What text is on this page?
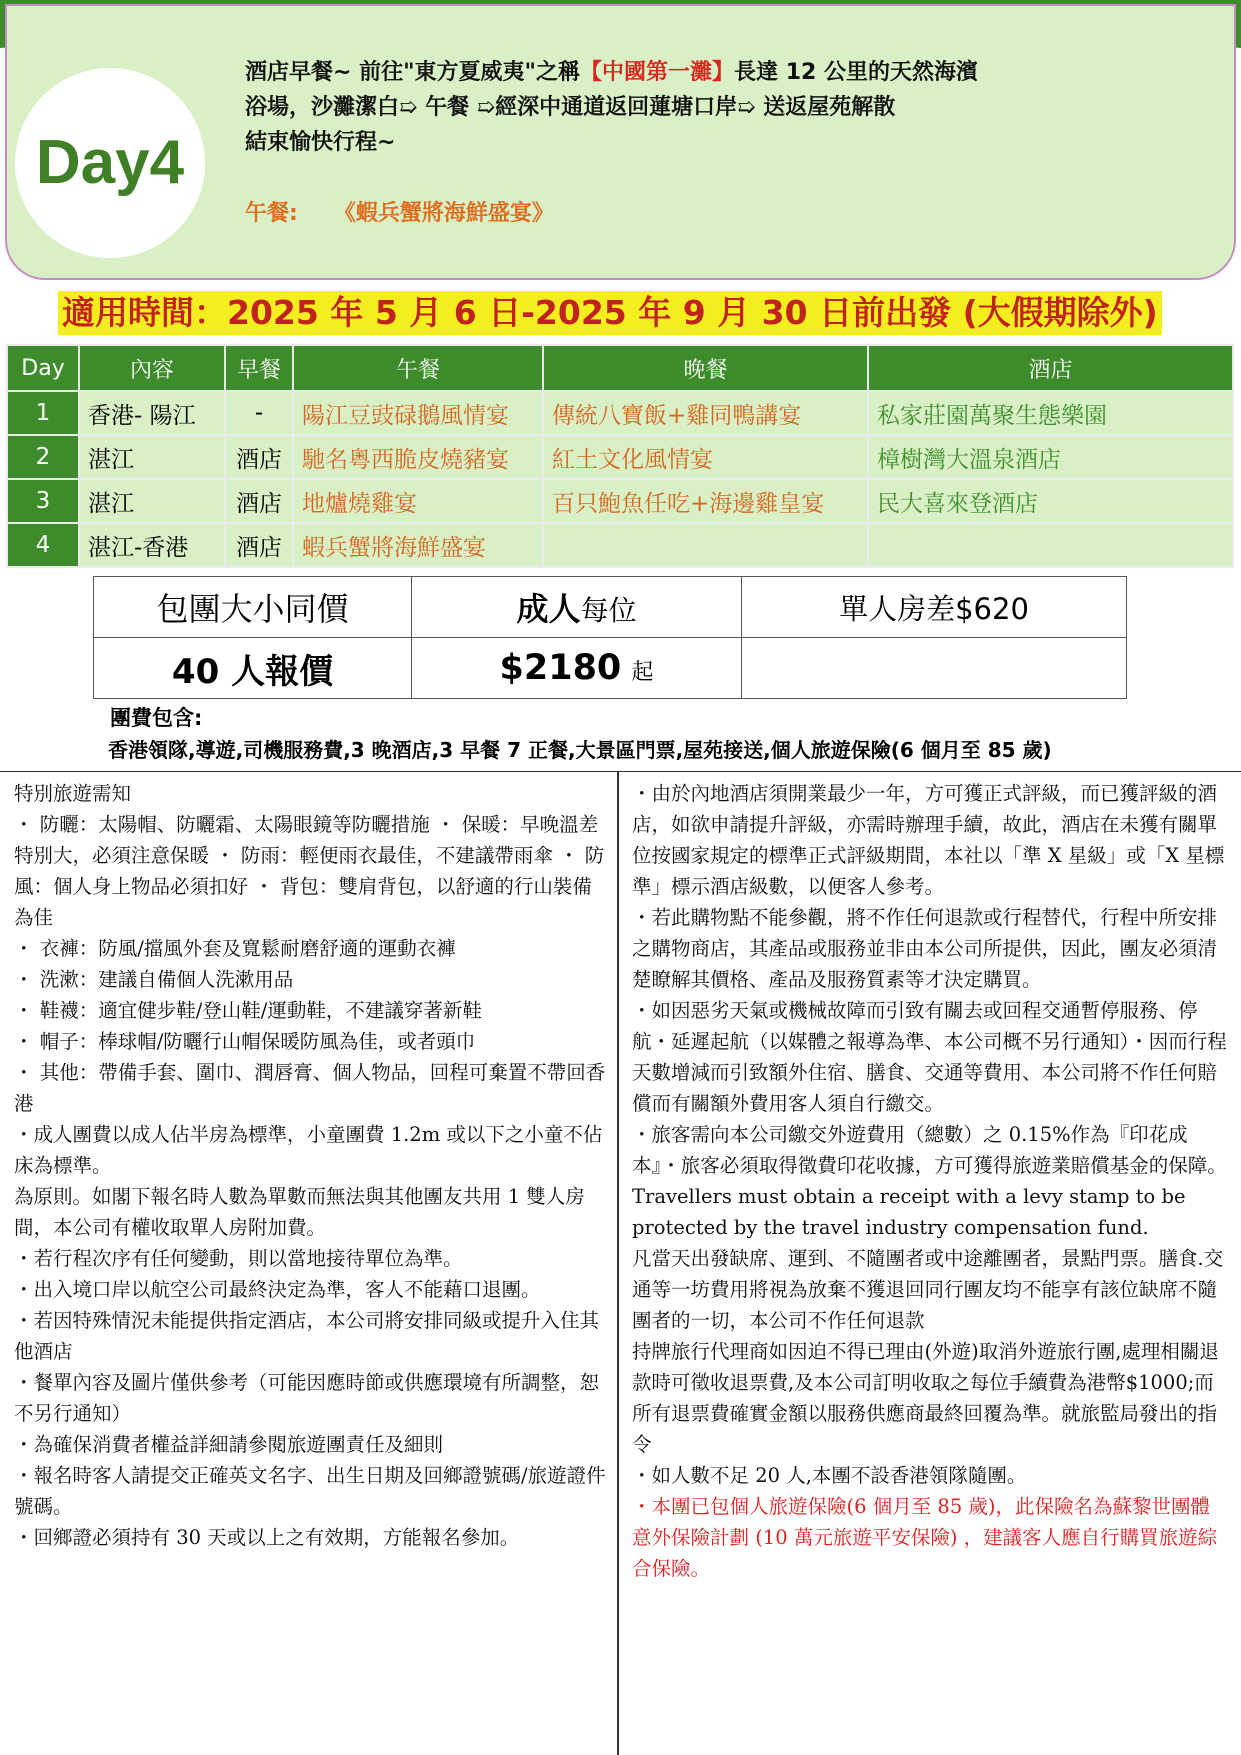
Day4
酒店早餐~ 前往"東方夏威夷"之稱【中國第一灘】長達 12 公里的天然海濱
浴場，沙灘潔白➯ 午餐 ➯經深中通道返回蓮塘口岸➯ 送返屋苑解散
結束愉快行程~
午餐: 《蝦兵蟹將海鮮盛宴》
適用時間：2025 年 5 月 6 日-2025 年 9 月 30 日前出發 (大假期除外)
Day	內容	早餐	午餐	晚餐	酒店
1	香港- 陽江	-	陽江豆豉碌鵝風情宴	傳統八寶飯+雞同鴨講宴	私家莊園萬聚生態樂園
2	湛江	酒店	馳名粵西脆皮燒豬宴	紅土文化風情宴	樟樹灣大溫泉酒店
3	湛江	酒店	地爐燒雞宴	百只鮑魚任吃+海邊雞皇宴	民大喜來登酒店
4	湛江-香港	酒店	蝦兵蟹將海鮮盛宴		
包團大小同價	成人每位	單人房差$620
40 人報價	$2180 起	
團費包含:
香港領隊,導遊,司機服務費,3 晚酒店,3 早餐 7 正餐,大景區門票,屋苑接送,個人旅遊保險(6 個月至 85 歲)

特別旅遊需知

・ 防曬：太陽帽、防曬霜、太陽眼鏡等防曬措施 ・ 保暖：早晚溫差特別大，必須注意保暖 ・ 防雨：輕便雨衣最佳，不建議帶雨傘 ・ 防風：個人身上物品必須扣好 ・ 背包：雙肩背包，以舒適的行山裝備為佳

・ 衣褲：防風/擋風外套及寬鬆耐磨舒適的運動衣褲

・ 洗漱：建議自備個人洗漱用品

・ 鞋襪：適宜健步鞋/登山鞋/運動鞋，不建議穿著新鞋

・ 帽子：棒球帽/防曬行山帽保暖防風為佳，或者頭巾

・ 其他：帶備手套、圍巾、潤唇膏、個人物品，回程可棄置不帶回香港

・成人團費以成人佔半房為標準，小童團費 1.2m 或以下之小童不佔床為標準。

為原則。如閣下報名時人數為單數而無法與其他團友共用 1 雙人房間，本公司有權收取單人房附加費。

・若行程次序有任何變動，則以當地接待單位為準。

・出入境口岸以航空公司最終決定為準，客人不能藉口退團。

・若因特殊情況未能提供指定酒店，本公司將安排同級或提升入住其他酒店

・餐單內容及圖片僅供參考（可能因應時節或供應環境有所調整，恕不另行通知）

・為確保消費者權益詳細請參閱旅遊團責任及細則

・報名時客人請提交正確英文名字、出生日期及回鄉證號碼/旅遊證件號碼。

・回鄉證必須持有 30 天或以上之有效期，方能報名參加。

・由於內地酒店須開業最少一年，方可獲正式評級，而已獲評級的酒店，如欲申請提升評級，亦需時辦理手續，故此，酒店在未獲有關單位按國家規定的標準正式評級期間，本社以「準 X 星級」或「X 星標準」標示酒店級數，以便客人參考。

・若此購物點不能參觀，將不作任何退款或行程替代，行程中所安排之購物商店，其產品或服務並非由本公司所提供，因此，團友必須清楚瞭解其價格、產品及服務質素等才決定購買。

・如因惡劣天氣或機械故障而引致有關去或回程交通暫停服務、停航・延遲起航（以媒體之報導為準、本公司概不另行通知）・因而行程天數增減而引致額外住宿、膳食、交通等費用、本公司將不作任何賠償而有關額外費用客人須自行繳交。

・旅客需向本公司繳交外遊費用（總數）之 0.15%作為『印花成本』・旅客必須取得徵費印花收據，方可獲得旅遊業賠償基金的保障。

Travellers must obtain a receipt with a levy stamp to be protected by the travel industry compensation fund.

凡當天出發缺席、運到、不隨團者或中途離團者，景點門票。膳食.交通等一坊費用將視為放棄不獲退回同行團友均不能享有該位缺席不隨團者的一切，本公司不作任何退款

持牌旅行代理商如因迫不得已理由(外遊)取消外遊旅行團,處理相關退款時可徵收退票費,及本公司訂明收取之每位手續費為港幣$1000;而所有退票費確實金額以服務供應商最終回覆為準。就旅監局發出的指令

・如人數不足 20 人,本團不設香港領隊隨團。

・本團已包個人旅遊保險(6 個月至 85 歲)，此保險名為蘇黎世團體意外保險計劃 (10 萬元旅遊平安保險) ，建議客人應自行購買旅遊綜合保險。
